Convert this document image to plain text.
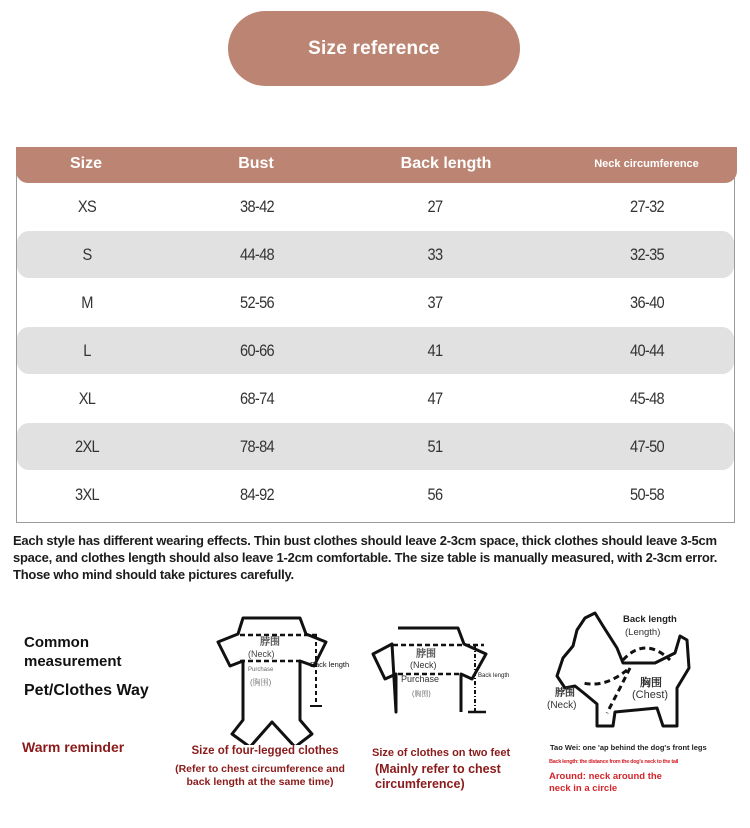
Size reference
Size	Bust	Back length	Neck circumference
XS	38-42	27	27-32
S	44-48	33	32-35
M	52-56	37	36-40
L	60-66	41	40-44
XL	68-74	47	45-48
2XL	78-84	51	47-50
3XL	84-92	56	50-58
Each style has different wearing effects. Thin bust clothes should leave 2-3cm space, thick clothes should leave 3-5cm space, and clothes length should also leave 1-2cm comfortable. The size table is manually measured, with 2-3cm error. Those who mind should take pictures carefully.
Common
measurement
Pet/Clothes Way
Warm reminder
脖围
(Neck)
Purchase
(胸围)
Back length
Size of four-legged clothes
(Refer to chest circumference and
back length at the same time)
脖围
(Neck)
Purchase
(胸围)
Back length
Size of clothes on two feet
(Mainly refer to chest
circumference)
Back length
(Length)
胸围
(Chest)
脖围
(Neck)
Tao Wei: one 'ap behind the dog's front legs
Back length: the distance from the dog's neck to the tail
Around: neck around the
neck in a circle
